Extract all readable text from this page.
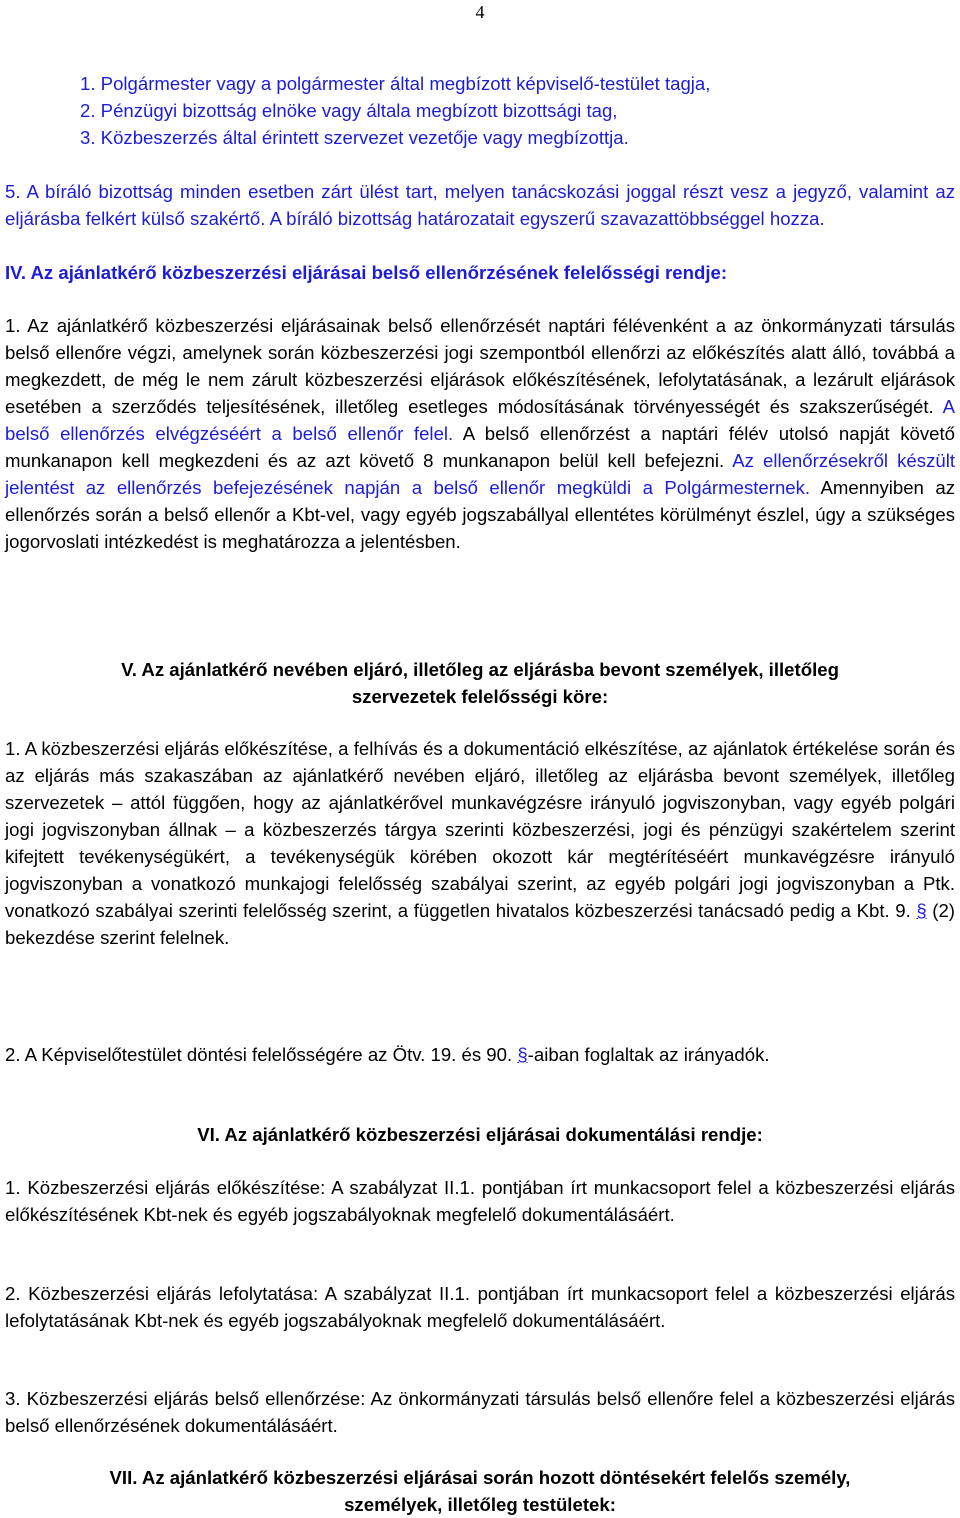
4

1. Polgármester vagy a polgármester által megbízott képviselő-testület tagja,

2. Pénzügyi bizottság elnöke vagy általa megbízott bizottsági tag,

3. Közbeszerzés által érintett szervezet vezetője vagy megbízottja.

5. A bíráló bizottság minden esetben zárt ülést tart, melyen tanácskozási joggal részt vesz a jegyző, valamint az eljárásba felkért külső szakértő. A bíráló bizottság határozatait egyszerű szavazattöbbséggel hozza.

IV. Az ajánlatkérő közbeszerzési eljárásai belső ellenőrzésének felelősségi rendje:

1. Az ajánlatkérő közbeszerzési eljárásainak belső ellenőrzését naptári félévenként a az önkormányzati társulás belső ellenőre végzi, amelynek során közbeszerzési jogi szempontból ellenőrzi az előkészítés alatt álló, továbbá a megkezdett, de még le nem zárult közbeszerzési eljárások előkészítésének, lefolytatásának, a lezárult eljárások esetében a szerződés teljesítésének, illetőleg esetleges módosításának törvényességét és szakszerűségét. A belső ellenőrzés elvégzéséért a belső ellenőr felel. A belső ellenőrzést a naptári félév utolsó napját követő munkanapon kell megkezdeni és az azt követő 8 munkanapon belül kell befejezni. Az ellenőrzésekről készült jelentést az ellenőrzés befejezésének napján a belső ellenőr megküldi a Polgármesternek. Amennyiben az ellenőrzés során a belső ellenőr a Kbt-vel, vagy egyéb jogszabállyal ellentétes körülményt észlel, úgy a szükséges jogorvoslati intézkedést is meghatározza a jelentésben.

V. Az ajánlatkérő nevében eljáró, illetőleg az eljárásba bevont személyek, illetőleg

szervezetek felelősségi köre:

1. A közbeszerzési eljárás előkészítése, a felhívás és a dokumentáció elkészítése, az ajánlatok értékelése során és az eljárás más szakaszában az ajánlatkérő nevében eljáró, illetőleg az eljárásba bevont személyek, illetőleg szervezetek – attól függően, hogy az ajánlatkérővel munkavégzésre irányuló jogviszonyban, vagy egyéb polgári jogi jogviszonyban állnak – a közbeszerzés tárgya szerinti közbeszerzési, jogi és pénzügyi szakértelem szerint kifejtett tevékenységükért, a tevékenységük körében okozott kár megtérítéséért munkavégzésre irányuló jogviszonyban a vonatkozó munkajogi felelősség szabályai szerint, az egyéb polgári jogi jogviszonyban a Ptk. vonatkozó szabályai szerinti felelősség szerint, a független hivatalos közbeszerzési tanácsadó pedig a Kbt. 9. § (2) bekezdése szerint felelnek.

2. A Képviselőtestület döntési felelősségére az Ötv. 19. és 90. §-aiban foglaltak az irányadók.

VI. Az ajánlatkérő közbeszerzési eljárásai dokumentálási rendje:

1. Közbeszerzési eljárás előkészítése: A szabályzat II.1. pontjában írt munkacsoport felel a közbeszerzési eljárás előkészítésének Kbt-nek és egyéb jogszabályoknak megfelelő dokumentálásáért.

2. Közbeszerzési eljárás lefolytatása: A szabályzat II.1. pontjában írt munkacsoport felel a közbeszerzési eljárás lefolytatásának Kbt-nek és egyéb jogszabályoknak megfelelő dokumentálásáért.

3. Közbeszerzési eljárás belső ellenőrzése: Az önkormányzati társulás belső ellenőre felel a közbeszerzési eljárás belső ellenőrzésének dokumentálásáért.

VII. Az ajánlatkérő közbeszerzési eljárásai során hozott döntésekért felelős személy,

személyek, illetőleg testületek:
